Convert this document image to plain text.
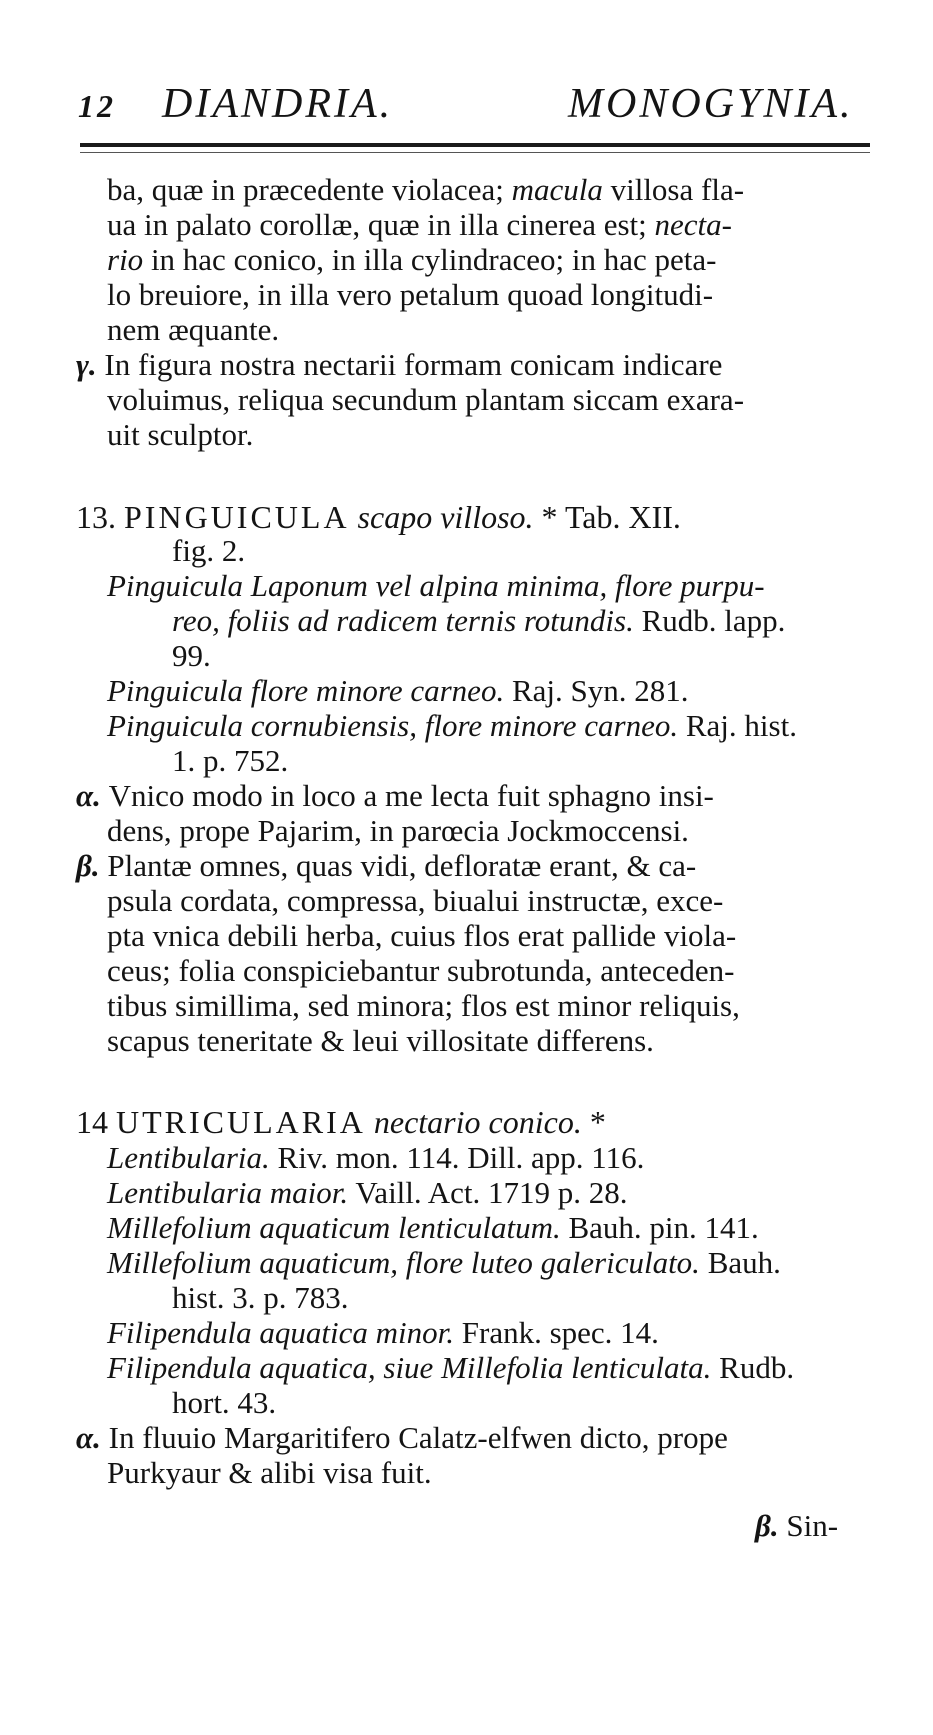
12 DIANDRIA.	MONOGYNIA.
ba, quæ in præcedente violacea; macula villosa fla-
ua in palato corollæ, quæ in illa cinerea est; necta-
rio in hac conico, in illa cylindraceo; in hac peta-
lo breuiore, in illa vero petalum quoad longitudi-
nem æquante.
γ. In figura nostra nectarii formam conicam indicare
voluimus, reliqua secundum plantam siccam exara-
uit sculptor.
13. PINGUICULA scapo villoso. * Tab. XII.
fig. 2.
Pinguicula Laponum vel alpina minima, flore purpu-
reo, foliis ad radicem ternis rotundis. Rudb. lapp.
99.
Pinguicula flore minore carneo. Raj. Syn. 281.
Pinguicula cornubiensis, flore minore carneo. Raj. hist.
1. p. 752.
α. Vnico modo in loco a me lecta fuit sphagno insi-
dens, prope Pajarim, in parœcia Jockmoccensi.
β. Plantæ omnes, quas vidi, defloratæ erant, & ca-
psula cordata, compressa, biualui instructæ, exce-
pta vnica debili herba, cuius flos erat pallide viola-
ceus; folia conspiciebantur subrotunda, anteceden-
tibus simillima, sed minora; flos est minor reliquis,
scapus teneritate & leui villositate differens.
14 UTRICULARIA nectario conico. *
Lentibularia. Riv. mon. 114. Dill. app. 116.
Lentibularia maior. Vaill. Act. 1719 p. 28.
Millefolium aquaticum lenticulatum. Bauh. pin. 141.
Millefolium aquaticum, flore luteo galericulato. Bauh.
hist. 3. p. 783.
Filipendula aquatica minor. Frank. spec. 14.
Filipendula aquatica, siue Millefolia lenticulata. Rudb.
hort. 43.
α. In fluuio Margaritifero Calatz-elfwen dicto, prope
Purkyaur & alibi visa fuit.
β. Sin-
